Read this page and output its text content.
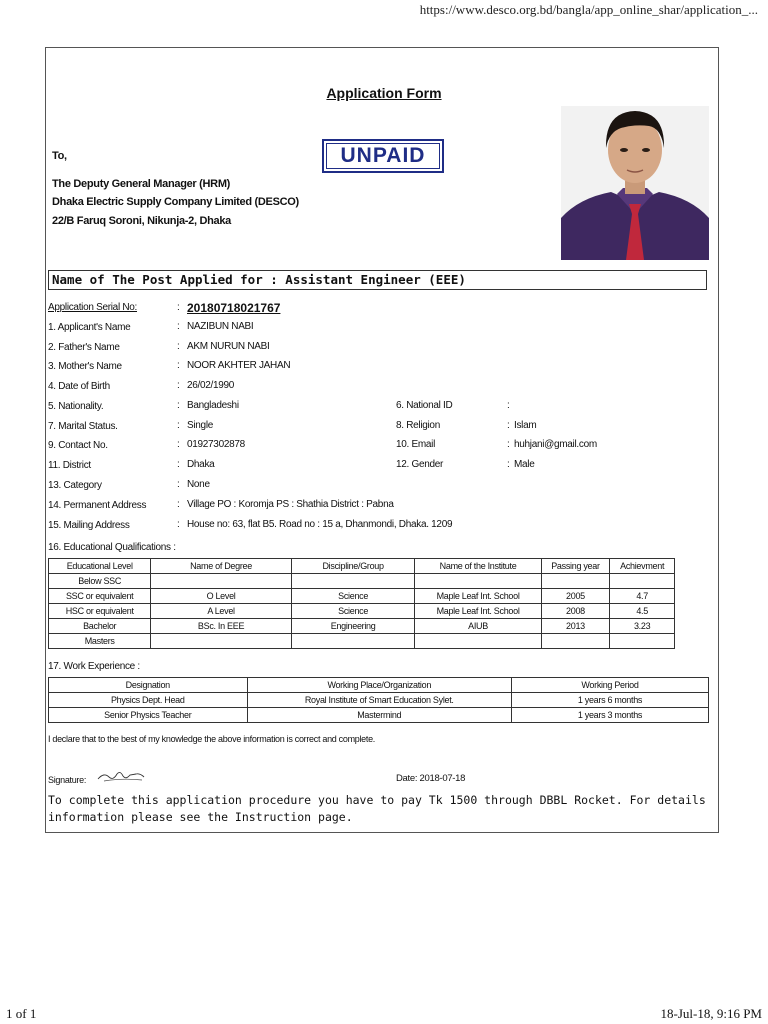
https://www.desco.org.bd/bangla/app_online_shar/application_...
Application Form
UNPAID
To,
The Deputy General Manager (HRM)
Dhaka Electric Supply Company Limited (DESCO)
22/B Faruq Soroni, Nikunja-2, Dhaka
Name of The Post Applied for : Assistant Engineer (EEE)
Application Serial No:	: 20180718021767
1. Applicant's Name	: NAZIBUN NABI
2. Father's Name	: AKM NURUN NABI
3. Mother's Name	: NOOR AKHTER JAHAN
4. Date of Birth	: 26/02/1990
5. Nationality.	: Bangladeshi	6. National ID	:
7. Marital Status.	: Single	8. Religion	: Islam
9. Contact No.	: 01927302878	10. Email	: huhjani@gmail.com
11. District	: Dhaka	12. Gender	: Male
13. Category	: None
14. Permanent Address	: Village PO : Koromja PS : Shathia District : Pabna
15. Mailing Address	: House no: 63, flat B5. Road no : 15 a, Dhanmondi, Dhaka. 1209
16. Educational Qualifications :
Educational Level	Name of Degree	Discipline/Group	Name of the Institute	Passing year	Achievment
Below SSC					
SSC or equivalent	O Level	Science	Maple Leaf Int. School	2005	4.7
HSC or equivalent	A Level	Science	Maple Leaf Int. School	2008	4.5
Bachelor	BSc. In EEE	Engineering	AIUB	2013	3.23
Masters					
17. Work Experience :
Designation	Working Place/Organization	Working Period
Physics Dept. Head	Royal Institute of Smart Education Sylet.	1 years 6 months
Senior Physics Teacher	Mastermind	1 years 3 months
I declare that to the best of my knowledge the above information is correct and complete.
Signature:	Date: 2018-07-18
To complete this application procedure you have to pay Tk 1500 through DBBL Rocket. For details information please see the Instruction page.
1 of 1	18-Jul-18, 9:16 PM
